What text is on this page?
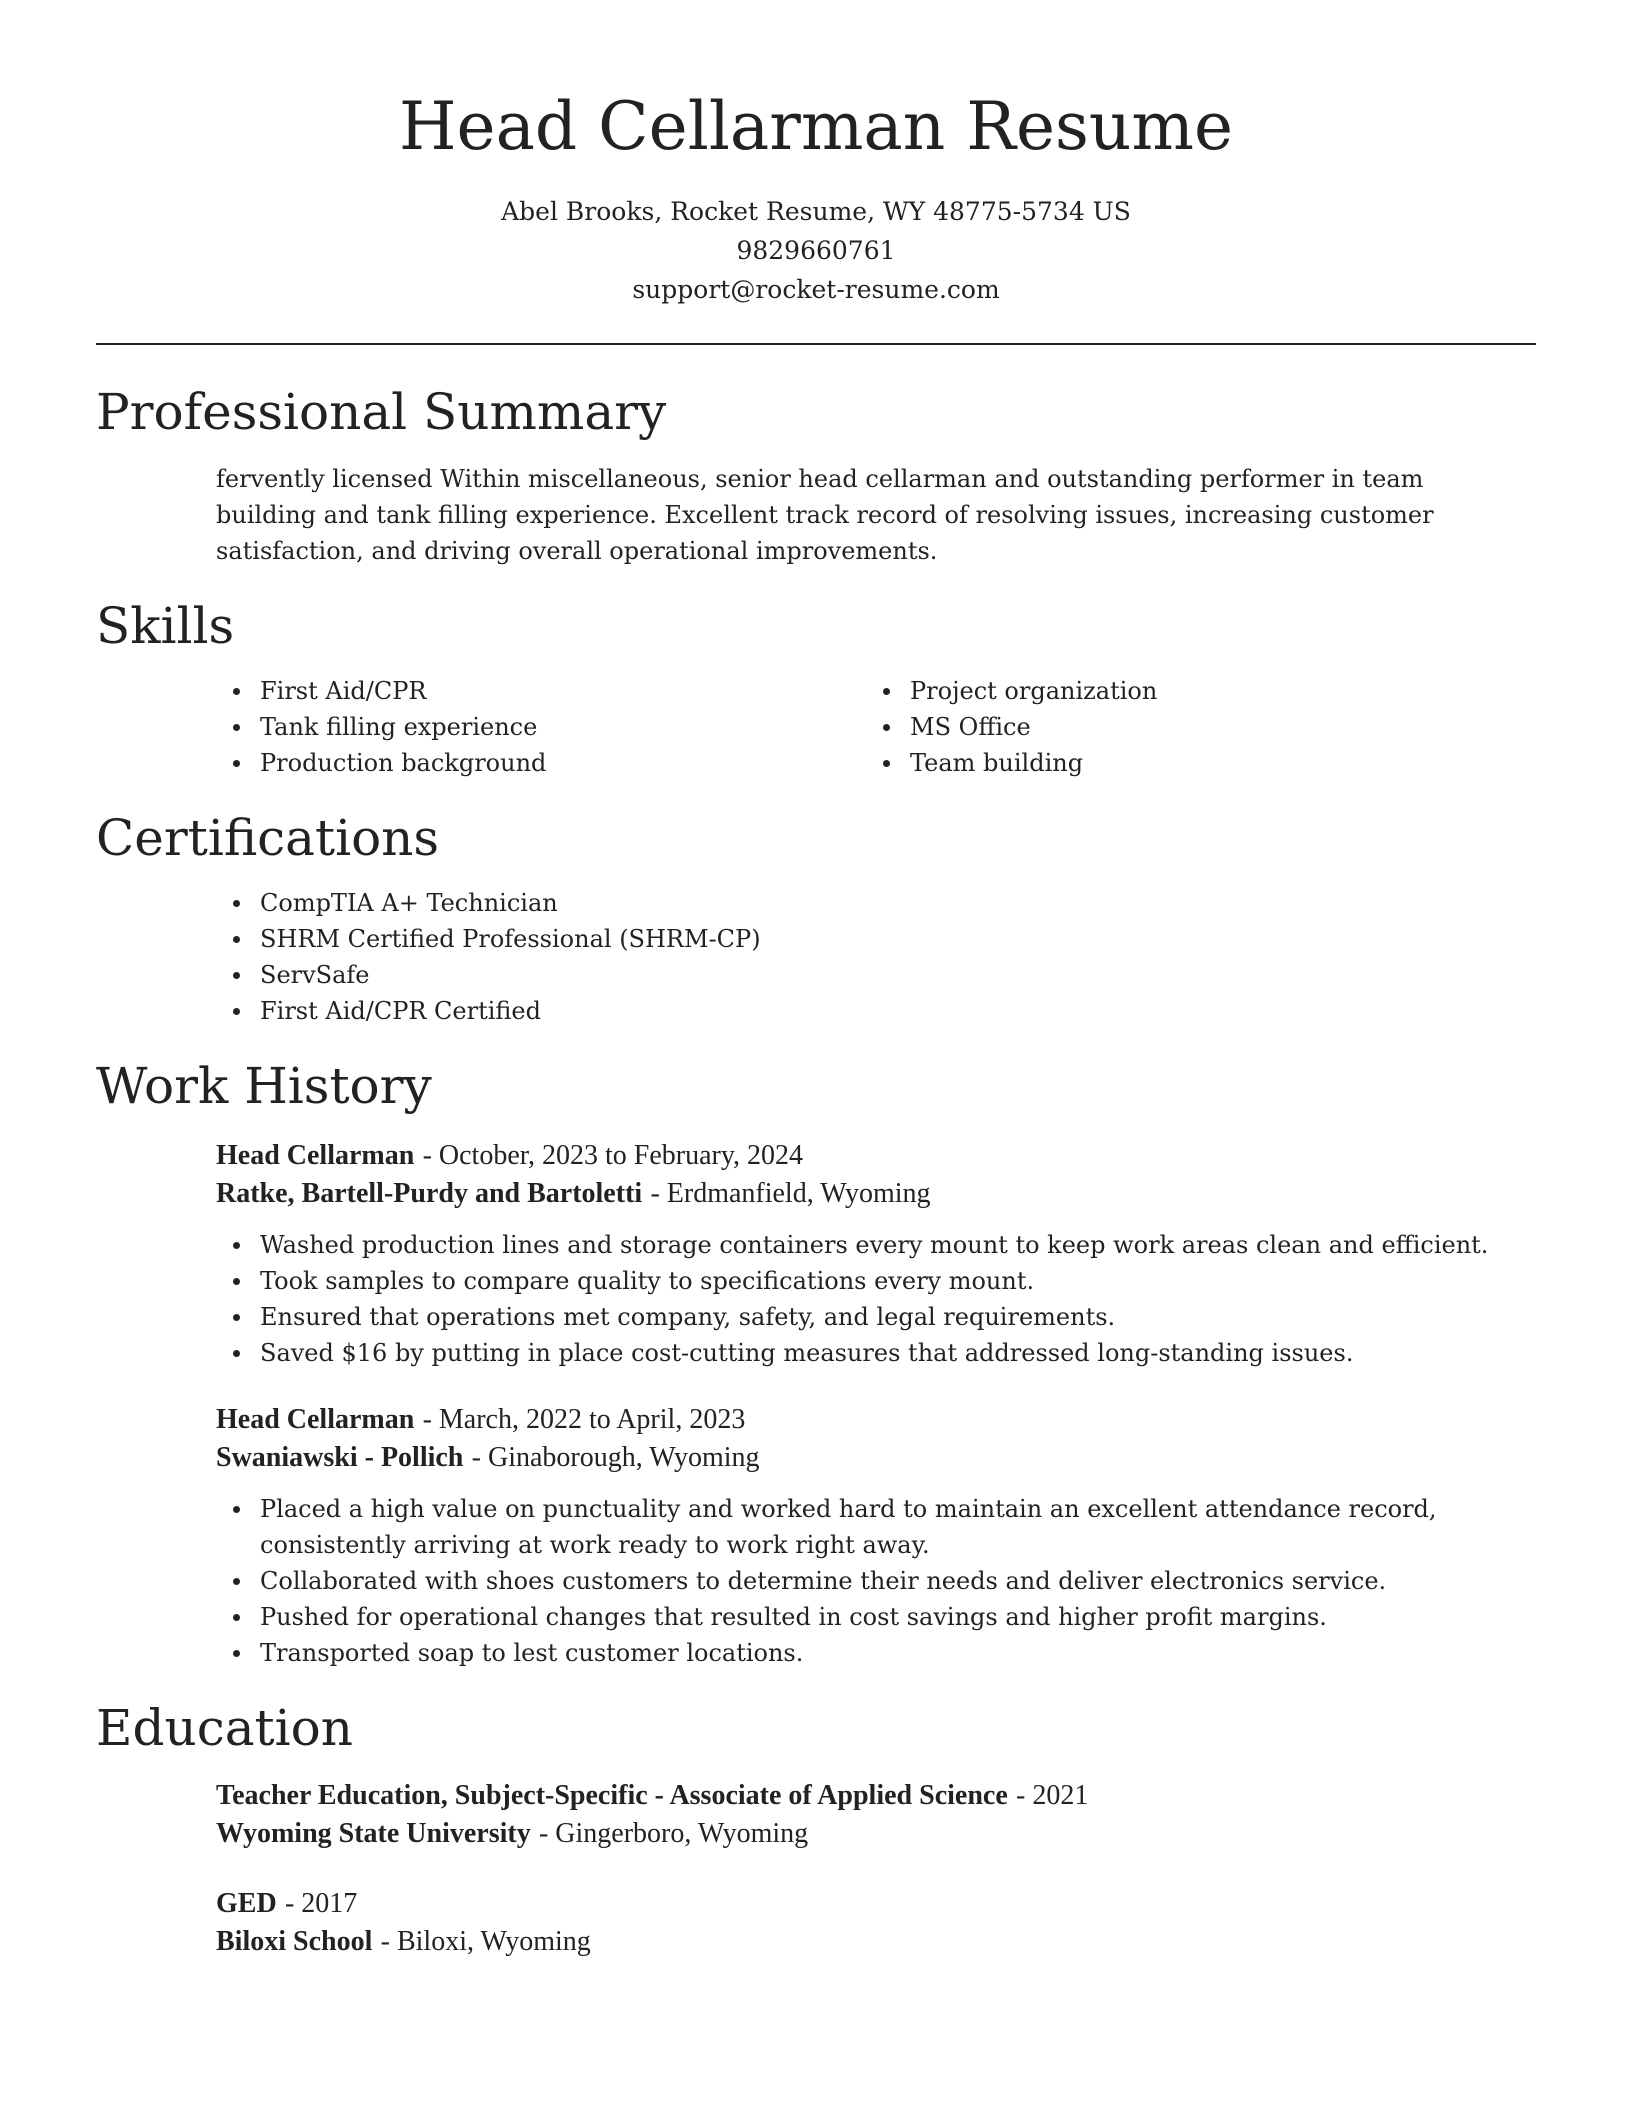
Head Cellarman Resume
Abel Brooks, Rocket Resume, WY 48775-5734 US
9829660761
support@rocket-resume.com
Professional Summary

fervently licensed Within miscellaneous, senior head cellarman and outstanding performer in team building and tank filling experience. Excellent track record of resolving issues, increasing customer satisfaction, and driving overall operational improvements.

Skills
First Aid/CPR
Tank filling experience
Production background
Project organization
MS Office
Team building
Certifications
CompTIA A+ Technician
SHRM Certified Professional (SHRM-CP)
ServSafe
First Aid/CPR Certified
Work History
Head Cellarman - October, 2023 to February, 2024
Ratke, Bartell-Purdy and Bartoletti - Erdmanfield, Wyoming
Washed production lines and storage containers every mount to keep work areas clean and efficient.
Took samples to compare quality to specifications every mount.
Ensured that operations met company, safety, and legal requirements.
Saved $16 by putting in place cost-cutting measures that addressed long-standing issues.
Head Cellarman - March, 2022 to April, 2023
Swaniawski - Pollich - Ginaborough, Wyoming
Placed a high value on punctuality and worked hard to maintain an excellent attendance record, consistently arriving at work ready to work right away.
Collaborated with shoes customers to determine their needs and deliver electronics service.
Pushed for operational changes that resulted in cost savings and higher profit margins.
Transported soap to lest customer locations.
Education
Teacher Education, Subject-Specific - Associate of Applied Science - 2021
Wyoming State University - Gingerboro, Wyoming
GED - 2017
Biloxi School - Biloxi, Wyoming
